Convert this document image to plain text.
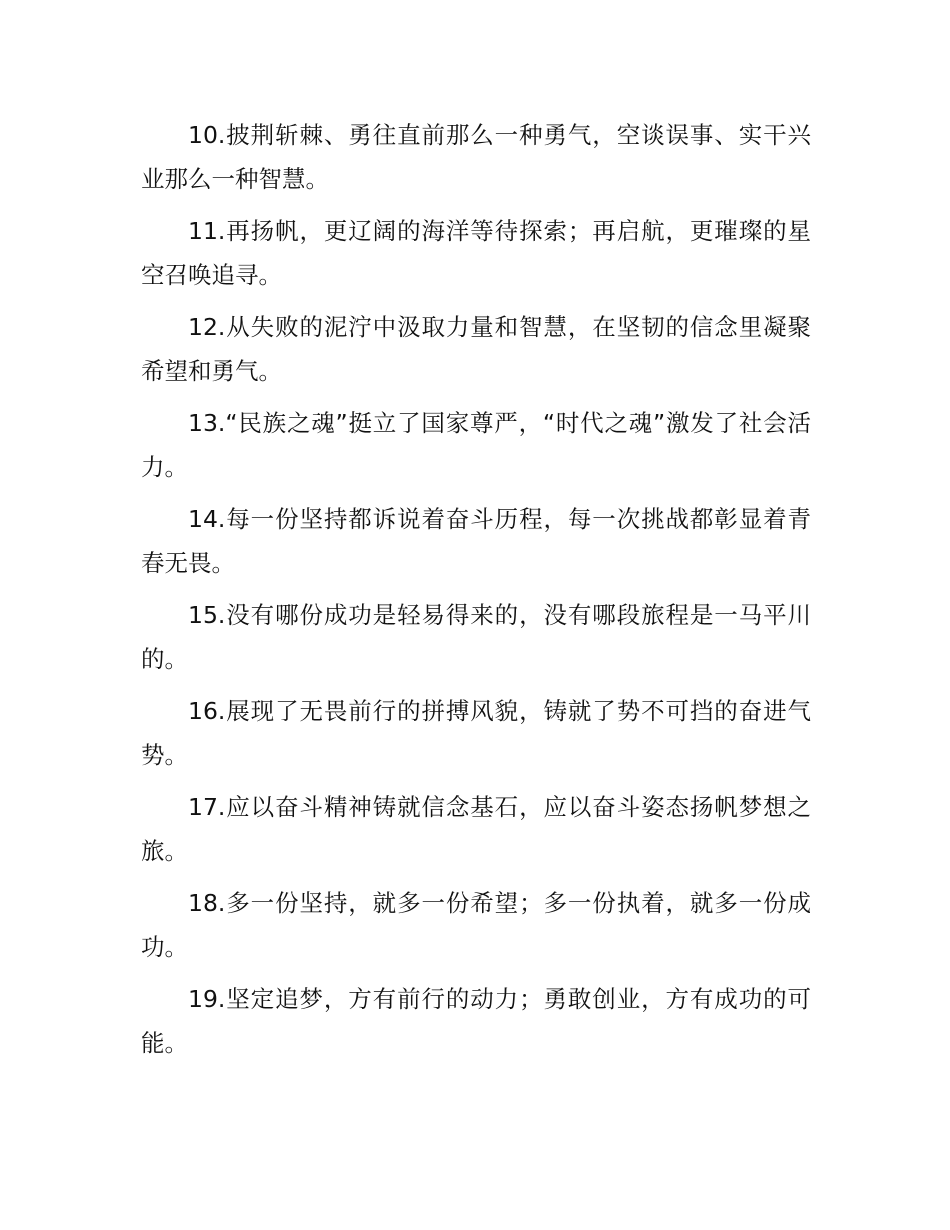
10.披荆斩棘、勇往直前那么一种勇气，空谈误事、实干兴业那么一种智慧。

11.再扬帆，更辽阔的海洋等待探索；再启航，更璀璨的星空召唤追寻。

12.从失败的泥泞中汲取力量和智慧，在坚韧的信念里凝聚希望和勇气。

13.“民族之魂”挺立了国家尊严，“时代之魂”激发了社会活力。

14.每一份坚持都诉说着奋斗历程，每一次挑战都彰显着青春无畏。

15.没有哪份成功是轻易得来的，没有哪段旅程是一马平川的。

16.展现了无畏前行的拼搏风貌，铸就了势不可挡的奋进气势。

17.应以奋斗精神铸就信念基石，应以奋斗姿态扬帆梦想之旅。

18.多一份坚持，就多一份希望；多一份执着，就多一份成功。

19.坚定追梦，方有前行的动力；勇敢创业，方有成功的可能。
